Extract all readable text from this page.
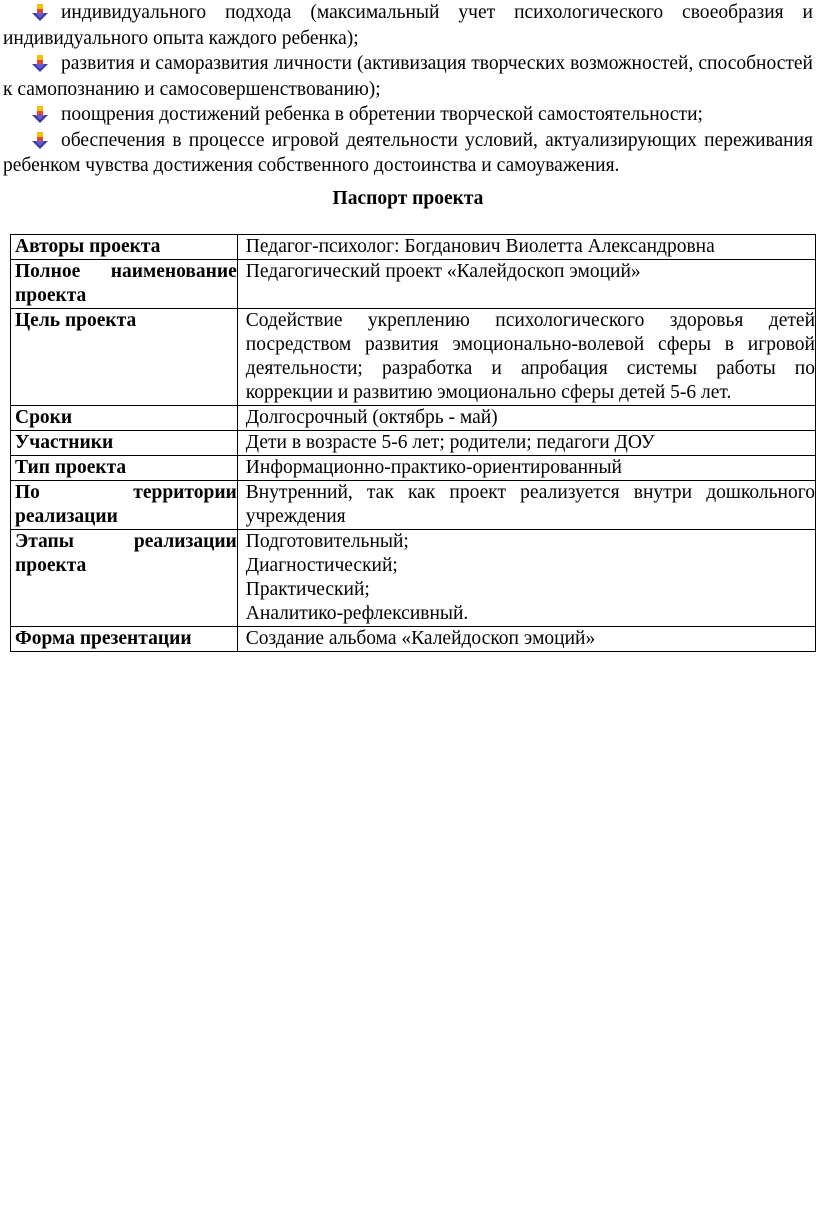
индивидуального подхода (максимальный учет психологического своеобразия и индивидуального опыта каждого ребенка);

развития и саморазвития личности (активизация творческих возможностей, способностей к самопознанию и самосовершенствованию);

поощрения достижений ребенка в обретении творческой самостоятельности;

обеспечения в процессе игровой деятельности условий, актуализирующих переживания ребенком чувства достижения собственного достоинства и самоуважения.

Паспорт проекта
Авторы проекта	Педагог-психолог: Богданович Виолетта Александровна
Полное наименование проекта	Педагогический проект «Калейдоскоп эмоций»
Цель проекта	Содействие укреплению психологического здоровья детей посредством развития эмоционально-волевой сферы в игровой деятельности; разработка и апробация системы работы по коррекции и развитию эмоционально сферы детей 5-6 лет.
Сроки	Долгосрочный (октябрь - май)
Участники	Дети в возрасте 5-6 лет; родители; педагоги ДОУ
Тип проекта	Информационно-практико-ориентированный
По территории реализации	Внутренний, так как проект реализуется внутри дошкольного учреждения
Этапы реализации проекта	Подготовительный;
Диагностический;
Практический;
Аналитико-рефлексивный.

Форма презентации	Создание альбома «Калейдоскоп эмоций»
